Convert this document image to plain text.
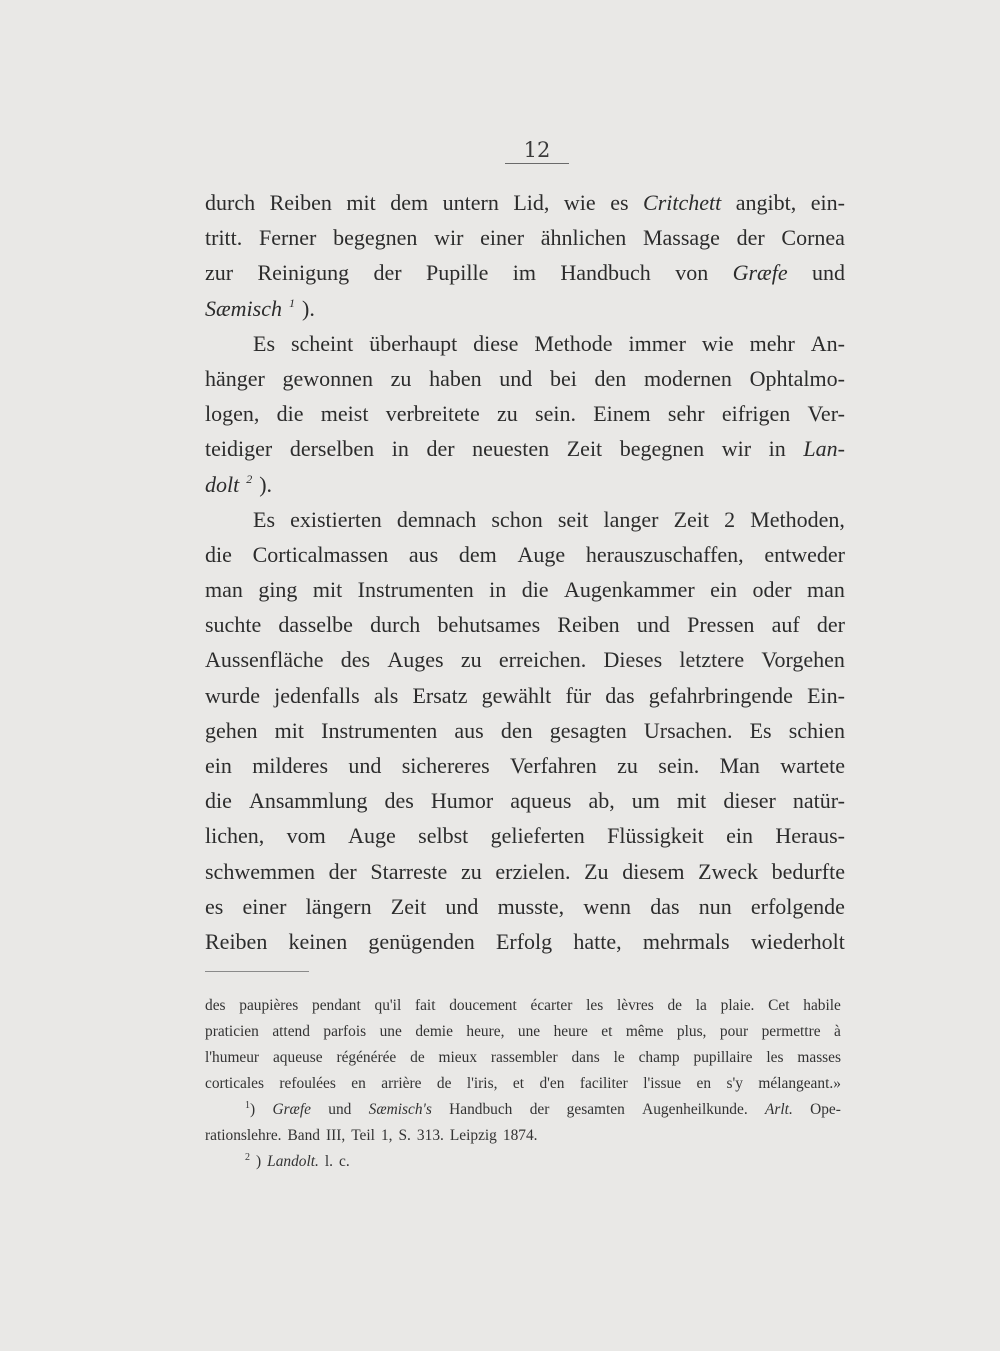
12
durch Reiben mit dem untern Lid, wie es Critchett angibt, ein-
tritt. Ferner begegnen wir einer ähnlichen Massage der Cornea
zur Reinigung der Pupille im Handbuch von Græfe und
Sæmisch $^1$ ).
Es scheint überhaupt diese Methode immer wie mehr An-
hänger gewonnen zu haben und bei den modernen Ophtalmo-
logen, die meist verbreitete zu sein. Einem sehr eifrigen Ver-
teidiger derselben in der neuesten Zeit begegnen wir in Lan-
dolt $^2$ ).
Es existierten demnach schon seit langer Zeit 2 Methoden,
die Corticalmassen aus dem Auge herauszuschaffen, entweder
man ging mit Instrumenten in die Augenkammer ein oder man
suchte dasselbe durch behutsames Reiben und Pressen auf der
Aussenfläche des Auges zu erreichen. Dieses letztere Vorgehen
wurde jedenfalls als Ersatz gewählt für das gefahrbringende Ein-
gehen mit Instrumenten aus den gesagten Ursachen. Es schien
ein milderes und sichereres Verfahren zu sein. Man wartete
die Ansammlung des Humor aqueus ab, um mit dieser natür-
lichen, vom Auge selbst gelieferten Flüssigkeit ein Heraus-
schwemmen der Starreste zu erzielen. Zu diesem Zweck bedurfte
es einer längern Zeit und musste, wenn das nun erfolgende
Reiben keinen genügenden Erfolg hatte, mehrmals wiederholt
des paupières pendant qu'il fait doucement écarter les lèvres de la plaie. Cet habile
praticien attend parfois une demie heure, une heure et même plus, pour permettre à
l'humeur aqueuse régénérée de mieux rassembler dans le champ pupillaire les masses
corticales refoulées en arrière de l'iris, et d'en faciliter l'issue en s'y mélangeant.»
$^1$) Græfe und Sæmisch's Handbuch der gesamten Augenheilkunde. Arlt. Ope-
rationslehre. Band III, Teil 1, S. 313. Leipzig 1874.
$^2$ ) Landolt. l. c.
